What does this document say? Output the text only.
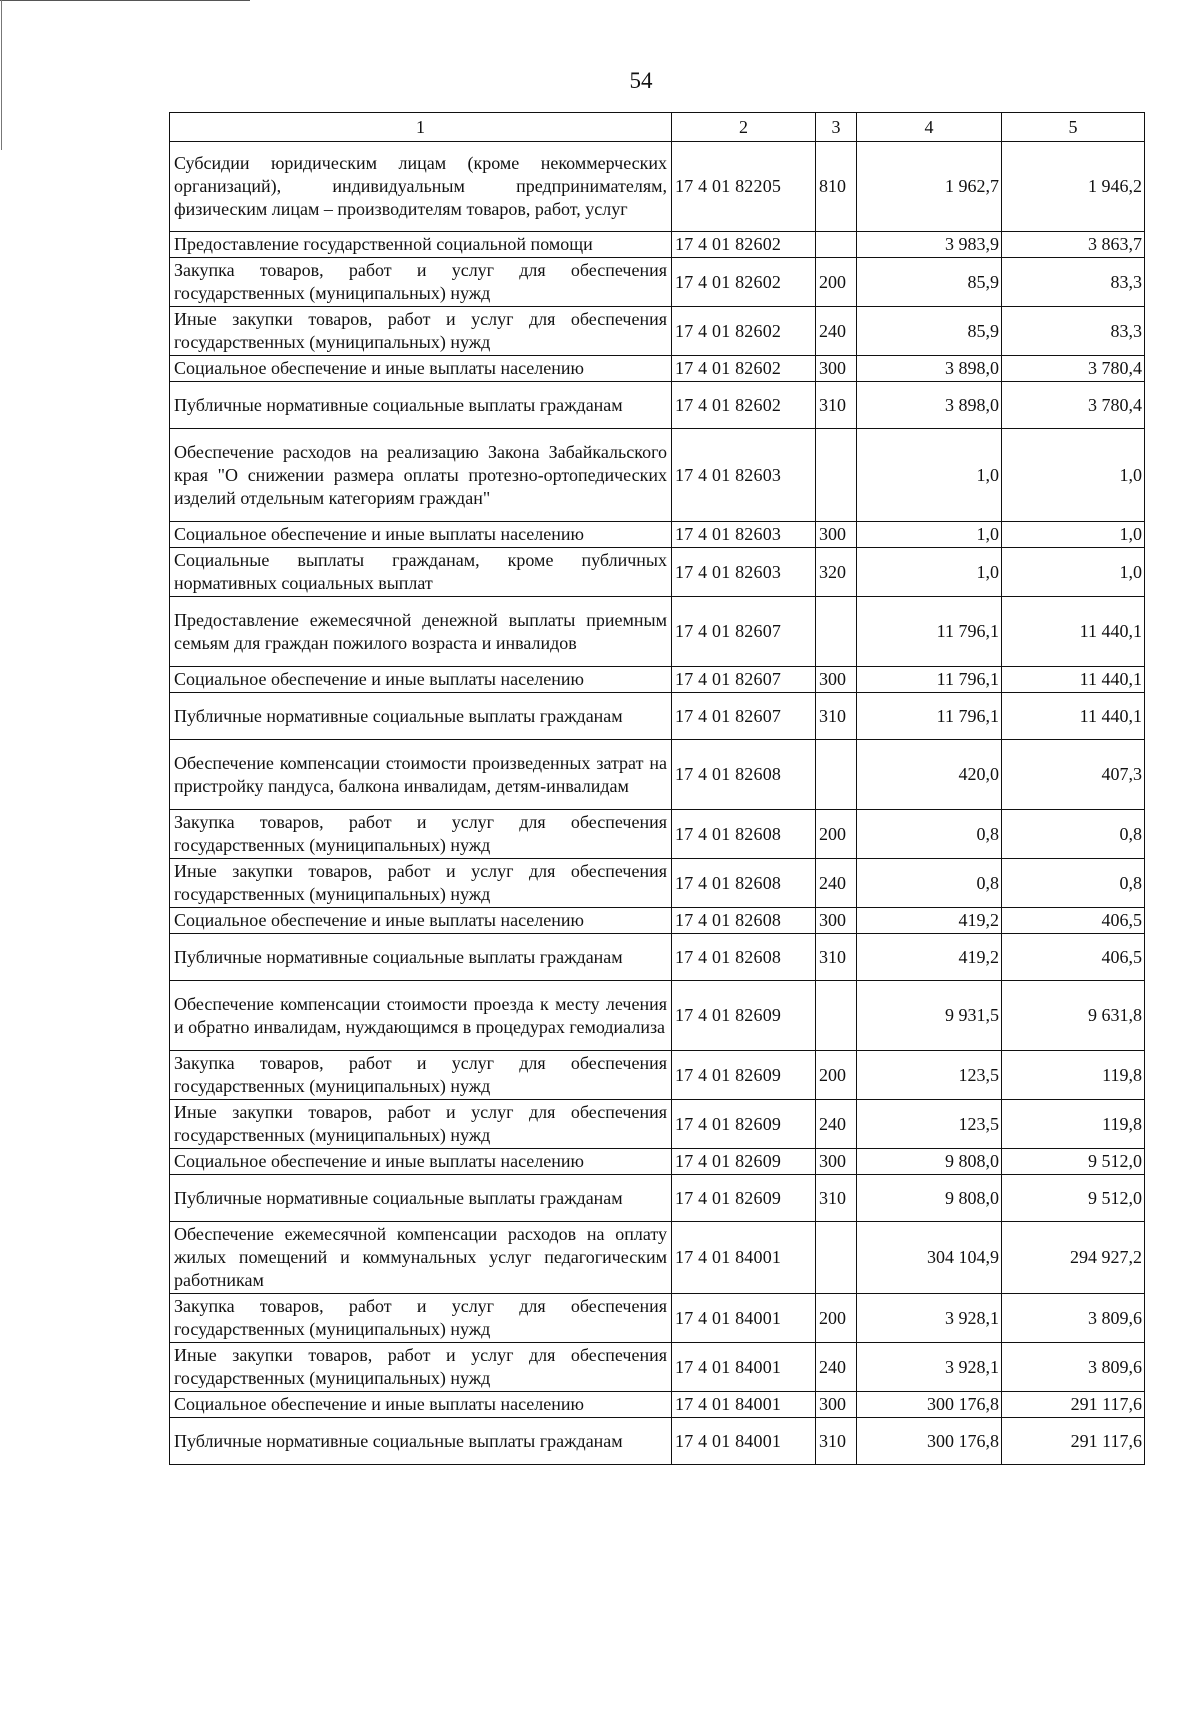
54
1	2	3	4	5
Субсидии юридическим лицам (кроме некоммерческих организаций), индивидуальным предпринимателям, физическим лицам – производителям товаров, работ, услуг	17 4 01 82205	810	1 962,7	1 946,2
Предоставление государственной социальной помощи	17 4 01 82602		3 983,9	3 863,7
Закупка товаров, работ и услуг для обеспечения государственных (муниципальных) нужд	17 4 01 82602	200	85,9	83,3
Иные закупки товаров, работ и услуг для обеспечения государственных (муниципальных) нужд	17 4 01 82602	240	85,9	83,3
Социальное обеспечение и иные выплаты населению	17 4 01 82602	300	3 898,0	3 780,4
Публичные нормативные социальные выплаты гражданам	17 4 01 82602	310	3 898,0	3 780,4
Обеспечение расходов на реализацию Закона Забайкальского края "О снижении размера оплаты протезно-ортопедических изделий отдельным категориям граждан"	17 4 01 82603		1,0	1,0
Социальное обеспечение и иные выплаты населению	17 4 01 82603	300	1,0	1,0
Социальные выплаты гражданам, кроме публичных нормативных социальных выплат	17 4 01 82603	320	1,0	1,0
Предоставление ежемесячной денежной выплаты приемным семьям для граждан пожилого возраста и инвалидов	17 4 01 82607		11 796,1	11 440,1
Социальное обеспечение и иные выплаты населению	17 4 01 82607	300	11 796,1	11 440,1
Публичные нормативные социальные выплаты гражданам	17 4 01 82607	310	11 796,1	11 440,1
Обеспечение компенсации стоимости произведенных затрат на пристройку пандуса, балкона инвалидам, детям-инвалидам	17 4 01 82608		420,0	407,3
Закупка товаров, работ и услуг для обеспечения государственных (муниципальных) нужд	17 4 01 82608	200	0,8	0,8
Иные закупки товаров, работ и услуг для обеспечения государственных (муниципальных) нужд	17 4 01 82608	240	0,8	0,8
Социальное обеспечение и иные выплаты населению	17 4 01 82608	300	419,2	406,5
Публичные нормативные социальные выплаты гражданам	17 4 01 82608	310	419,2	406,5
Обеспечение компенсации стоимости проезда к месту лечения и обратно инвалидам, нуждающимся в процедурах гемодиализа	17 4 01 82609		9 931,5	9 631,8
Закупка товаров, работ и услуг для обеспечения государственных (муниципальных) нужд	17 4 01 82609	200	123,5	119,8
Иные закупки товаров, работ и услуг для обеспечения государственных (муниципальных) нужд	17 4 01 82609	240	123,5	119,8
Социальное обеспечение и иные выплаты населению	17 4 01 82609	300	9 808,0	9 512,0
Публичные нормативные социальные выплаты гражданам	17 4 01 82609	310	9 808,0	9 512,0
Обеспечение ежемесячной компенсации расходов на оплату жилых помещений и коммунальных услуг педагогическим работникам	17 4 01 84001		304 104,9	294 927,2
Закупка товаров, работ и услуг для обеспечения государственных (муниципальных) нужд	17 4 01 84001	200	3 928,1	3 809,6
Иные закупки товаров, работ и услуг для обеспечения государственных (муниципальных) нужд	17 4 01 84001	240	3 928,1	3 809,6
Социальное обеспечение и иные выплаты населению	17 4 01 84001	300	300 176,8	291 117,6
Публичные нормативные социальные выплаты гражданам	17 4 01 84001	310	300 176,8	291 117,6
